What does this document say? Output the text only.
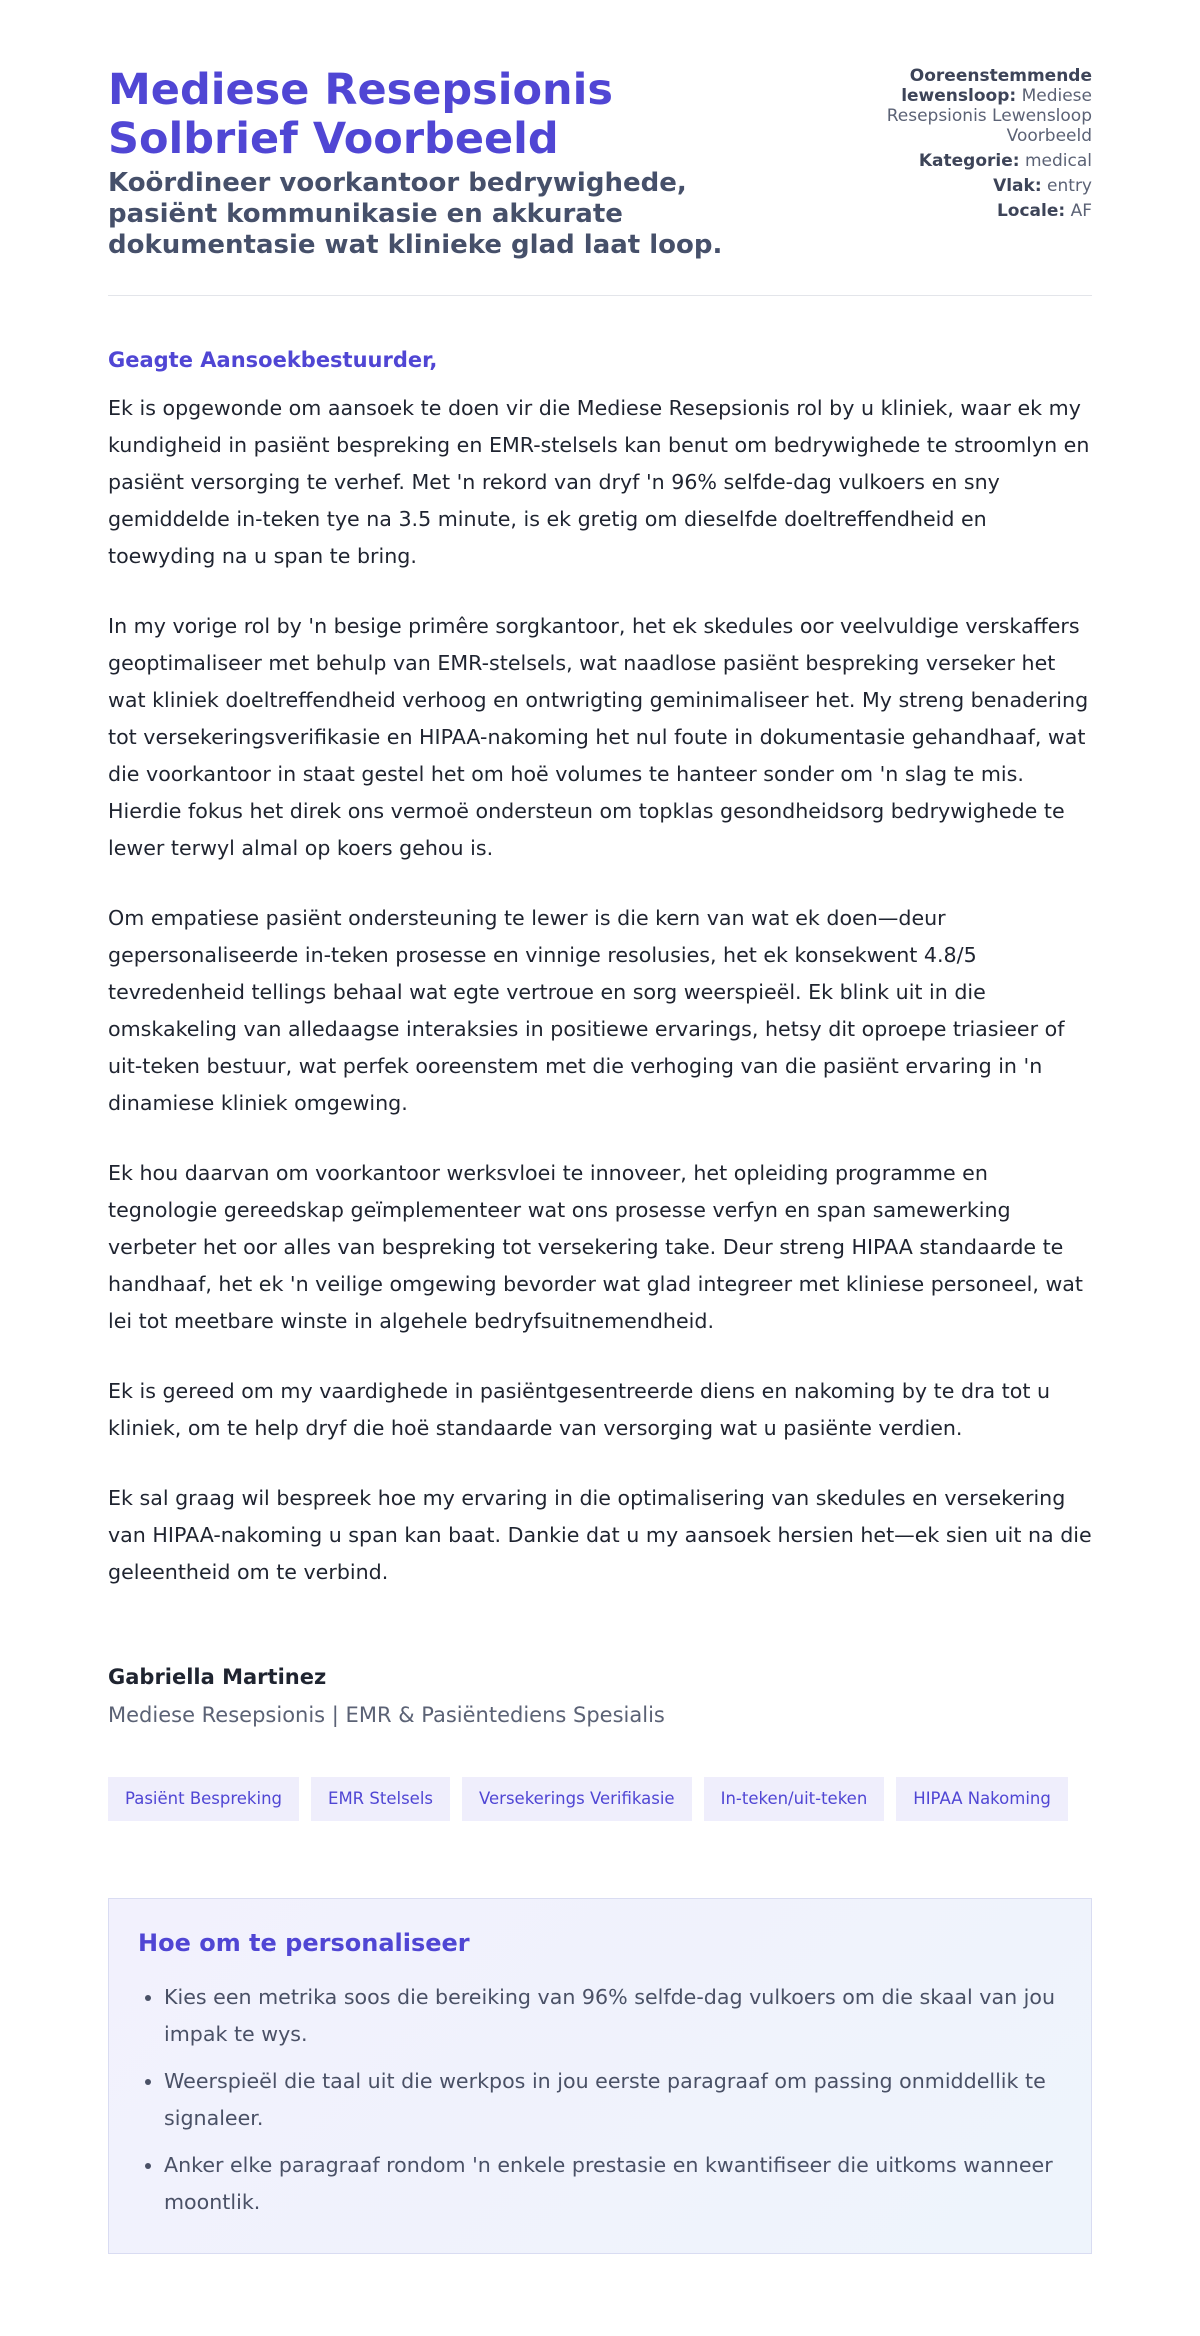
Mediese Resepsionis Solbrief Voorbeeld
Koördineer voorkantoor bedrywighede, pasiënt kommunikasie en akkurate dokumentasie wat klinieke glad laat loop.
Ooreenstemmende lewensloop: Mediese Resepsionis Lewensloop Voorbeeld
Kategorie: medical
Vlak: entry
Locale: AF
Geagte Aansoekbestuurder,

Ek is opgewonde om aansoek te doen vir die Mediese Resepsionis rol by u kliniek, waar ek my kundigheid in pasiënt bespreking en EMR-stelsels kan benut om bedrywighede te stroomlyn en pasiënt versorging te verhef. Met 'n rekord van dryf 'n 96% selfde-dag vulkoers en sny gemiddelde in-teken tye na 3.5 minute, is ek gretig om dieselfde doeltreffendheid en toewyding na u span te bring.

In my vorige rol by 'n besige primêre sorgkantoor, het ek skedules oor veelvuldige verskaffers geoptimaliseer met behulp van EMR-stelsels, wat naadlose pasiënt bespreking verseker het wat kliniek doeltreffendheid verhoog en ontwrigting geminimaliseer het. My streng benadering tot versekeringsverifikasie en HIPAA-nakoming het nul foute in dokumentasie gehandhaaf, wat die voorkantoor in staat gestel het om hoë volumes te hanteer sonder om 'n slag te mis. Hierdie fokus het direk ons vermoë ondersteun om topklas gesondheidsorg bedrywighede te lewer terwyl almal op koers gehou is.

Om empatiese pasiënt ondersteuning te lewer is die kern van wat ek doen—deur gepersonaliseerde in-teken prosesse en vinnige resolusies, het ek konsekwent 4.8/5 tevredenheid tellings behaal wat egte vertroue en sorg weerspieël. Ek blink uit in die omskakeling van alledaagse interaksies in positiewe ervarings, hetsy dit oproepe triasieer of uit-teken bestuur, wat perfek ooreenstem met die verhoging van die pasiënt ervaring in 'n dinamiese kliniek omgewing.

Ek hou daarvan om voorkantoor werksvloei te innoveer, het opleiding programme en tegnologie gereedskap geïmplementeer wat ons prosesse verfyn en span samewerking verbeter het oor alles van bespreking tot versekering take. Deur streng HIPAA standaarde te handhaaf, het ek 'n veilige omgewing bevorder wat glad integreer met kliniese personeel, wat lei tot meetbare winste in algehele bedryfsuitnemendheid.

Ek is gereed om my vaardighede in pasiëntgesentreerde diens en nakoming by te dra tot u kliniek, om te help dryf die hoë standaarde van versorging wat u pasiënte verdien.

Ek sal graag wil bespreek hoe my ervaring in die optimalisering van skedules en versekering van HIPAA-nakoming u span kan baat. Dankie dat u my aansoek hersien het—ek sien uit na die geleentheid om te verbind.

Gabriella Martinez
Mediese Resepsionis | EMR & Pasiëntediens Spesialis
Pasiënt Bespreking	EMR Stelsels	Versekerings Verifikasie	In-teken/uit-teken	HIPAA Nakoming
Hoe om te personaliseer
• Kies een metrika soos die bereiking van 96% selfde-dag vulkoers om die skaal van jou impak te wys.
• Weerspieël die taal uit die werkpos in jou eerste paragraaf om passing onmiddellik te signaleer.
• Anker elke paragraaf rondom 'n enkele prestasie en kwantifiseer die uitkoms wanneer moontlik.
